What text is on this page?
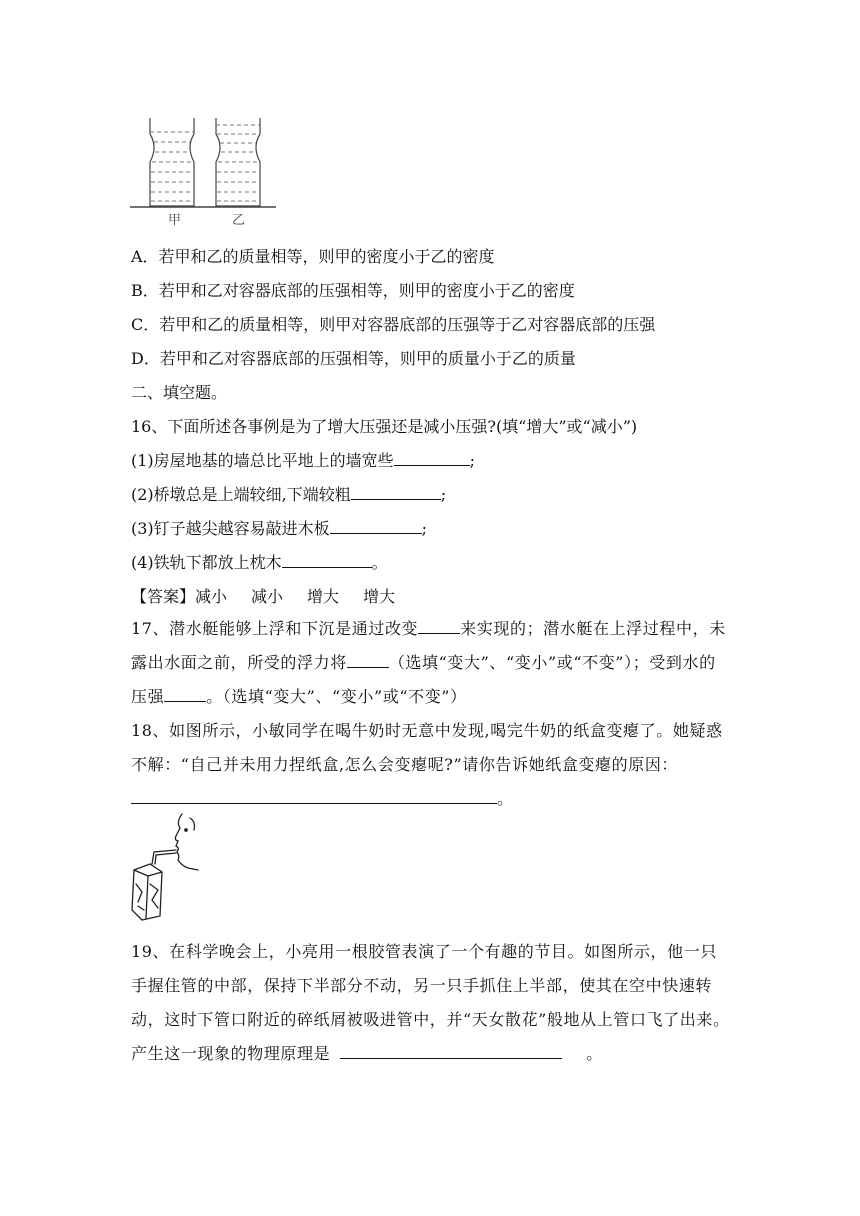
甲	乙
A．若甲和乙的质量相等，则甲的密度小于乙的密度
B．若甲和乙对容器底部的压强相等，则甲的密度小于乙的密度
C．若甲和乙的质量相等，则甲对容器底部的压强等于乙对容器底部的压强
D．若甲和乙对容器底部的压强相等，则甲的质量小于乙的质量
二、填空题。
16、下面所述各事例是为了增大压强还是减小压强?(填“增大”或“减小”)
(1)房屋地基的墙总比平地上的墙宽些	;
(2)桥墩总是上端较细,下端较粗	;
(3)钉子越尖越容易敲进木板	;
(4)铁轨下都放上枕木	。
【答案】减小 减小 增大 增大
17、潜水艇能够上浮和下沉是通过改变	来实现的；潜水艇在上浮过程中，未露出水面之前，所受的浮力将	（选填“变大”、“变小”或“不变”）；受到水的压强	。（选填“变大”、“变小”或“不变”）
18、如图所示，小敏同学在喝牛奶时无意中发现,喝完牛奶的纸盒变瘪了。她疑惑不解：“自己并未用力捏纸盒,怎么会变瘪呢?”请你告诉她纸盒变瘪的原因：
。
19、在科学晚会上，小亮用一根胶管表演了一个有趣的节目。如图所示，他一只手握住管的中部，保持下半部分不动，另一只手抓住上半部，使其在空中快速转动，这时下管口附近的碎纸屑被吸进管中，并“天女散花”般地从上管口飞了出来。产生这一现象的物理原理是	。
